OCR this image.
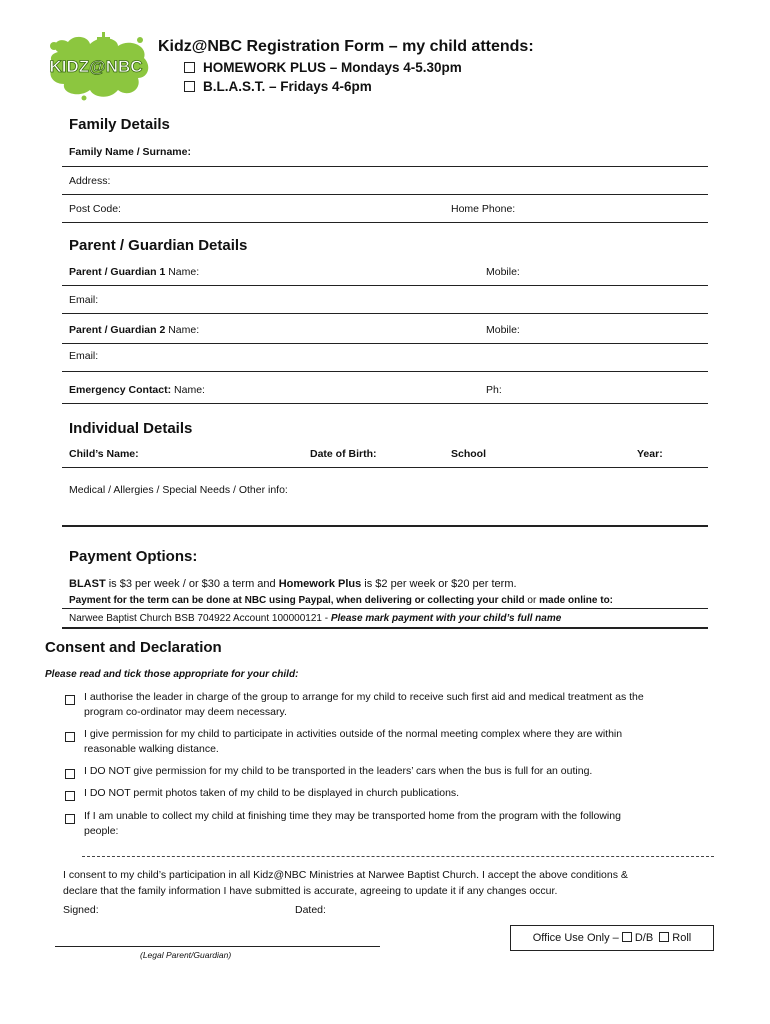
KIDZ@NBC
Kidz@NBC Registration Form – my child attends:
HOMEWORK PLUS – Mondays 4-5.30pm
B.L.A.S.T. – Fridays 4-6pm
Family Details
Family Name / Surname:
Address:
Post Code:	Home Phone:
Parent / Guardian Details
Parent / Guardian 1 Name:	Mobile:
Email:
Parent / Guardian 2 Name:	Mobile:
Email:
Emergency Contact: Name:	Ph:
Individual Details
Child’s Name:	Date of Birth:	School	Year:
Medical / Allergies / Special Needs / Other info:
Payment Options:
BLAST is $3 per week / or $30 a term and Homework Plus is $2 per week or $20 per term.
Payment for the term can be done at NBC using Paypal, when delivering or collecting your child or made online to:
Narwee Baptist Church BSB 704922 Account 100000121 - Please mark payment with your child’s full name
Consent and Declaration
Please read and tick those appropriate for your child:
I authorise the leader in charge of the group to arrange for my child to receive such first aid and medical treatment as the
program co-ordinator may deem necessary.
I give permission for my child to participate in activities outside of the normal meeting complex where they are within
reasonable walking distance.
I DO NOT give permission for my child to be transported in the leaders’ cars when the bus is full for an outing.
I DO NOT permit photos taken of my child to be displayed in church publications.
If I am unable to collect my child at finishing time they may be transported home from the program with the following
people:
I consent to my child’s participation in all Kidz@NBC Ministries at Narwee Baptist Church. I accept the above conditions &
declare that the family information I have submitted is accurate, agreeing to update it if any changes occur.
Signed:	Dated:
(Legal Parent/Guardian)
Office Use Only –
D/B
Roll
